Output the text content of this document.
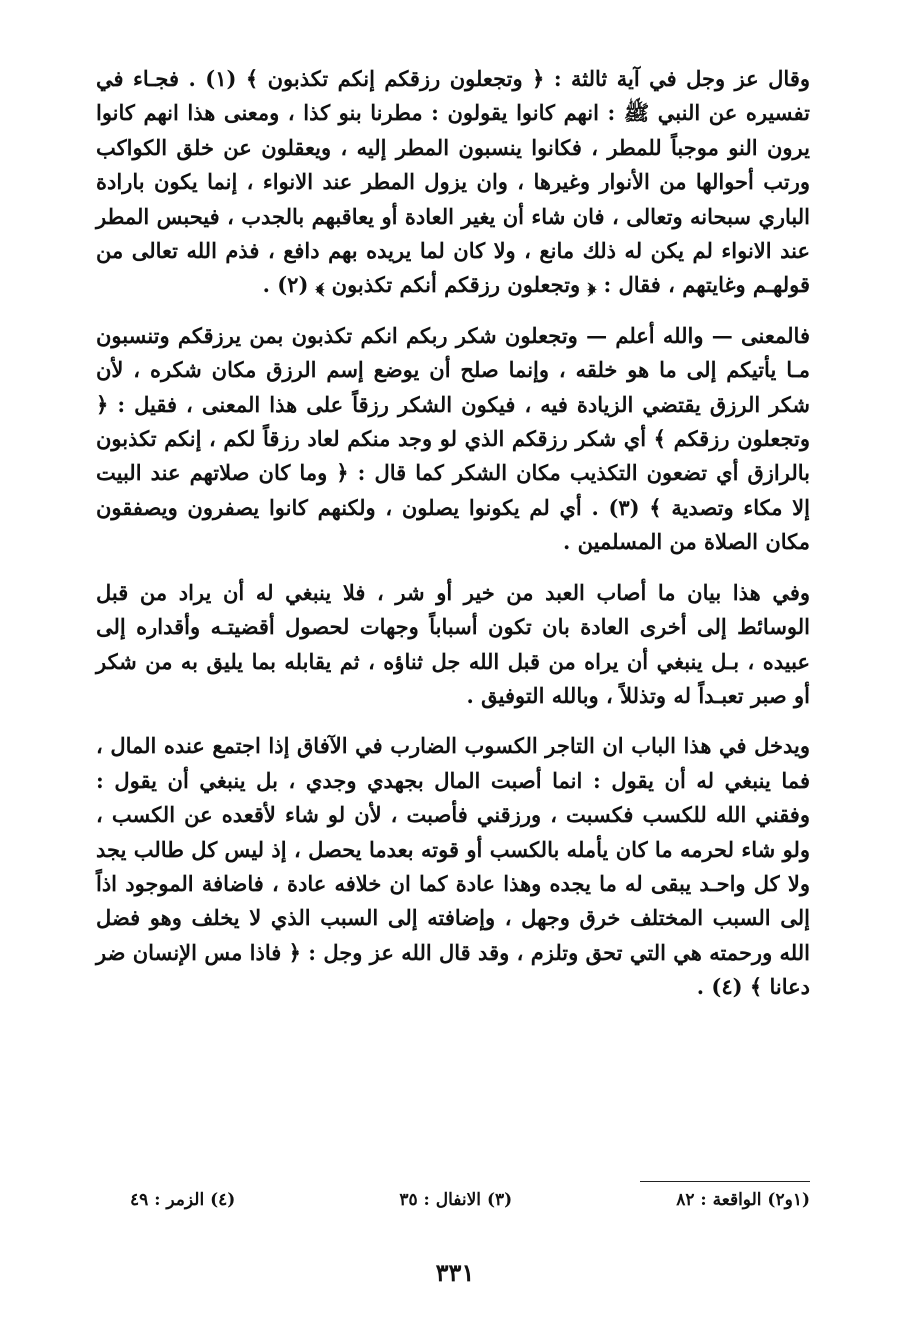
وقال عز وجل في آية ثالثة : ﴿ وتجعلون رزقكم إنكم تكذبون ﴾ (١) . فجـاء في تفسيره عن النبي ﷺ : انهم كانوا يقولون : مطرنا بنو كذا ، ومعنى هذا انهم كانوا يرون النو موجباً للمطر ، فكانوا ينسبون المطر إليه ، ويعقلون عن خلق الكواكب ورتب أحوالها من الأنوار وغيرها ، وان يزول المطر عند الانواء ، إنما يكون بارادة الباري سبحانه وتعالى ، فان شاء أن يغير العادة أو يعاقبهم بالجدب ، فيحبس المطر عند الانواء لم يكن له ذلك مانع ، ولا كان لما يريده بهم دافع ، فذم الله تعالى من قولهـم وغايتهم ، فقال : ﴿ وتجعلون رزقكم أنكم تكذبون ﴾ (٢) .

فالمعنى — والله أعلم — وتجعلون شكر ربكم انكم تكذبون بمن يرزقكم وتنسبون مـا يأتيكم إلى ما هو خلقه ، وإنما صلح أن يوضع إسم الرزق مكان شكره ، لأن شكر الرزق يقتضي الزيادة فيه ، فيكون الشكر رزقاً على هذا المعنى ، فقيل : ﴿ وتجعلون رزقكم ﴾ أي شكر رزقكم الذي لو وجد منكم لعاد رزقاً لكم ، إنكم تكذبون بالرازق أي تضعون التكذيب مكان الشكر كما قال : ﴿ وما كان صلاتهم عند البيت إلا مكاء وتصدية ﴾ (٣) . أي لم يكونوا يصلون ، ولكنهم كانوا يصفرون ويصفقون مكان الصلاة من المسلمين .

وفي هذا بيان ما أصاب العبد من خير أو شر ، فلا ينبغي له أن يراد من قبل الوسائط إلى أخرى العادة بان تكون أسباباً وجهات لحصول أقضيتـه وأقداره إلى عبيده ، بـل ينبغي أن يراه من قبل الله جل ثناؤه ، ثم يقابله بما يليق به من شكر أو صبر تعبـداً له وتذللاً ، وبالله التوفيق .

ويدخل في هذا الباب ان التاجر الكسوب الضارب في الآفاق إذا اجتمع عنده المال ، فما ينبغي له أن يقول : انما أصبت المال بجهدي وجدي ، بل ينبغي أن يقول : وفقني الله للكسب فكسبت ، ورزقني فأصبت ، لأن لو شاء لأقعده عن الكسب ، ولو شاء لحرمه ما كان يأمله بالكسب أو قوته بعدما يحصل ، إذ ليس كل طالب يجد ولا كل واحـد يبقى له ما يجده وهذا عادة كما ان خلافه عادة ، فاضافة الموجود اذاً إلى السبب المختلف خرق وجهل ، وإضافته إلى السبب الذي لا يخلف وهو فضل الله ورحمته هي التي تحق وتلزم ، وقد قال الله عز وجل : ﴿ فاذا مس الإنسان ضر دعانا ﴾ (٤) .

(١و٢) الواقعة : ٨٢
(٣) الانفال : ٣٥
(٤) الزمر : ٤٩
٣٣١
